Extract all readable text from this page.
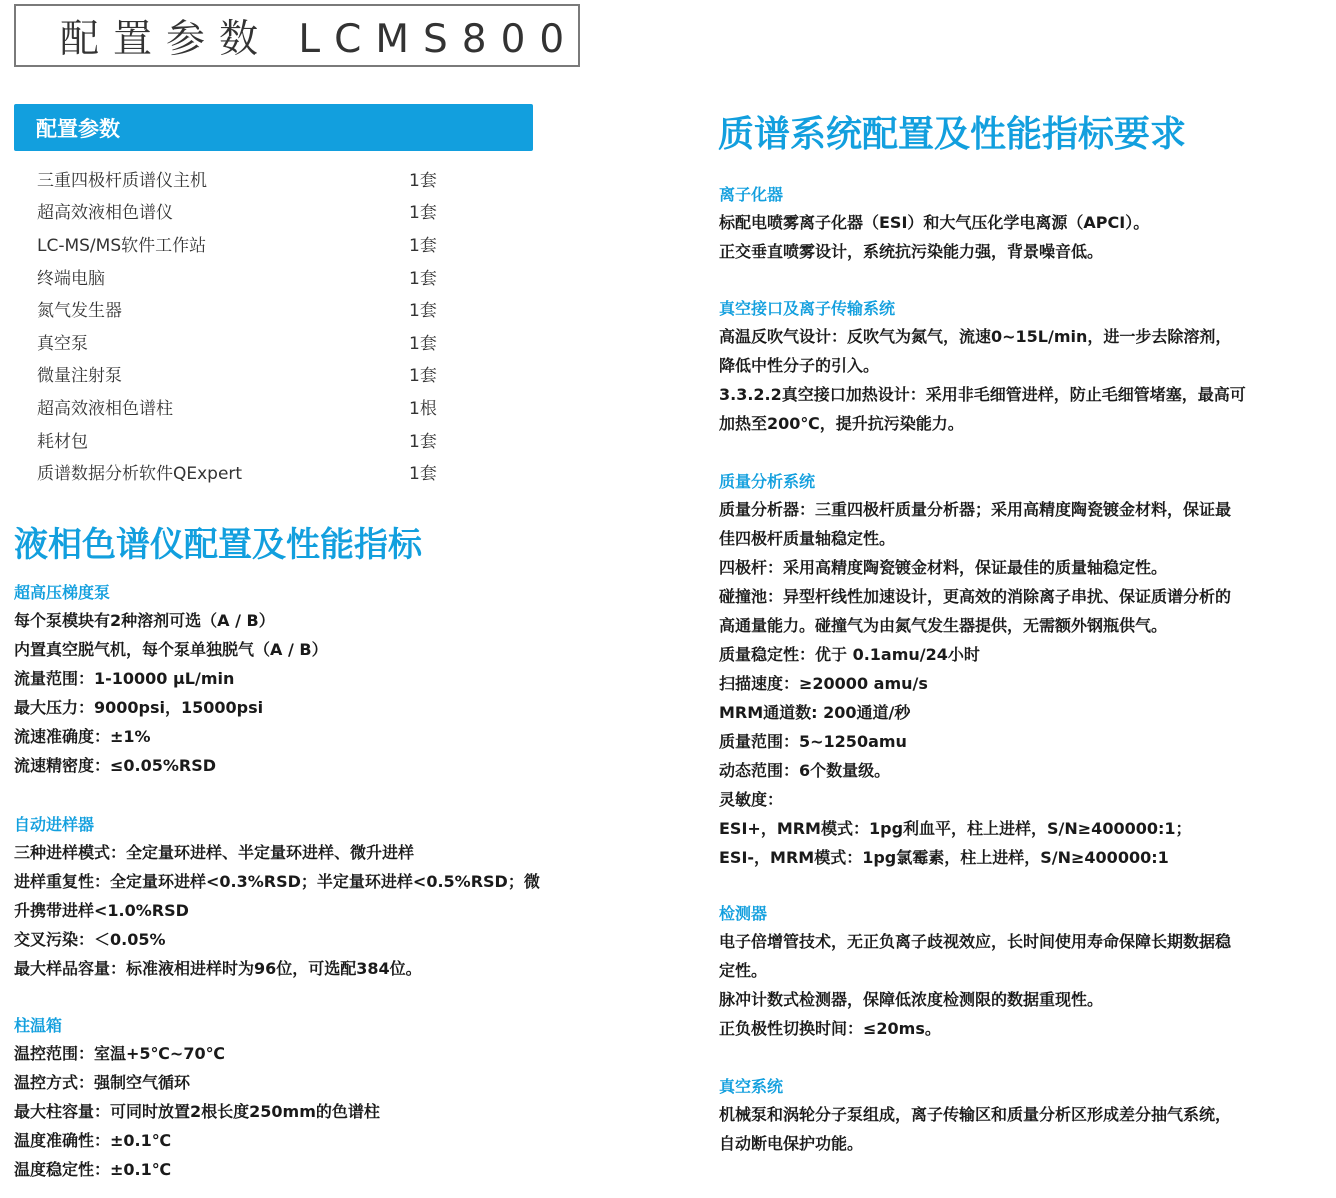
配置参数 LCMS800
配置参数
三重四极杆质谱仪主机	1套
超高效液相色谱仪	1套
LC-MS/MS软件工作站	1套
终端电脑	1套
氮气发生器	1套
真空泵	1套
微量注射泵	1套
超高效液相色谱柱	1根
耗材包	1套
质谱数据分析软件QExpert	1套
液相色谱仪配置及性能指标
超高压梯度泵
每个泵模块有2种溶剂可选（A / B）
内置真空脱气机，每个泵单独脱气（A / B）
流量范围：1-10000 μL/min
最大压力：9000psi，15000psi
流速准确度：±1%
流速精密度：≤0.05%RSD
自动进样器
三种进样模式：全定量环进样、半定量环进样、微升进样
进样重复性：全定量环进样<0.3%RSD；半定量环进样<0.5%RSD；微
升携带进样<1.0%RSD
交叉污染：＜0.05%
最大样品容量：标准液相进样时为96位，可选配384位。
柱温箱
温控范围：室温+5℃~70℃
温控方式：强制空气循环
最大柱容量：可同时放置2根长度250mm的色谱柱
温度准确性：±0.1℃
温度稳定性：±0.1℃
质谱系统配置及性能指标要求
离子化器
标配电喷雾离子化器（ESI）和大气压化学电离源（APCI）。
正交垂直喷雾设计，系统抗污染能力强，背景噪音低。
真空接口及离子传输系统
高温反吹气设计：反吹气为氮气，流速0~15L/min，进一步去除溶剂，
降低中性分子的引入。
3.3.2.2真空接口加热设计：采用非毛细管进样，防止毛细管堵塞，最高可
加热至200℃，提升抗污染能力。
质量分析系统
质量分析器：三重四极杆质量分析器；采用高精度陶瓷镀金材料，保证最
佳四极杆质量轴稳定性。
四极杆：采用高精度陶瓷镀金材料，保证最佳的质量轴稳定性。
碰撞池：异型杆线性加速设计，更高效的消除离子串扰、保证质谱分析的
高通量能力。碰撞气为由氮气发生器提供，无需额外钢瓶供气。
质量稳定性：优于 0.1amu/24小时
扫描速度：≥20000 amu/s
MRM通道数: 200通道/秒
质量范围：5~1250amu
动态范围：6个数量级。
灵敏度：
ESI+，MRM模式：1pg利血平，柱上进样，S/N≥400000:1；
ESI-，MRM模式：1pg氯霉素，柱上进样，S/N≥400000:1
检测器
电子倍增管技术，无正负离子歧视效应，长时间使用寿命保障长期数据稳
定性。
脉冲计数式检测器，保障低浓度检测限的数据重现性。
正负极性切换时间：≤20ms。
真空系统
机械泵和涡轮分子泵组成，离子传输区和质量分析区形成差分抽气系统，
自动断电保护功能。
